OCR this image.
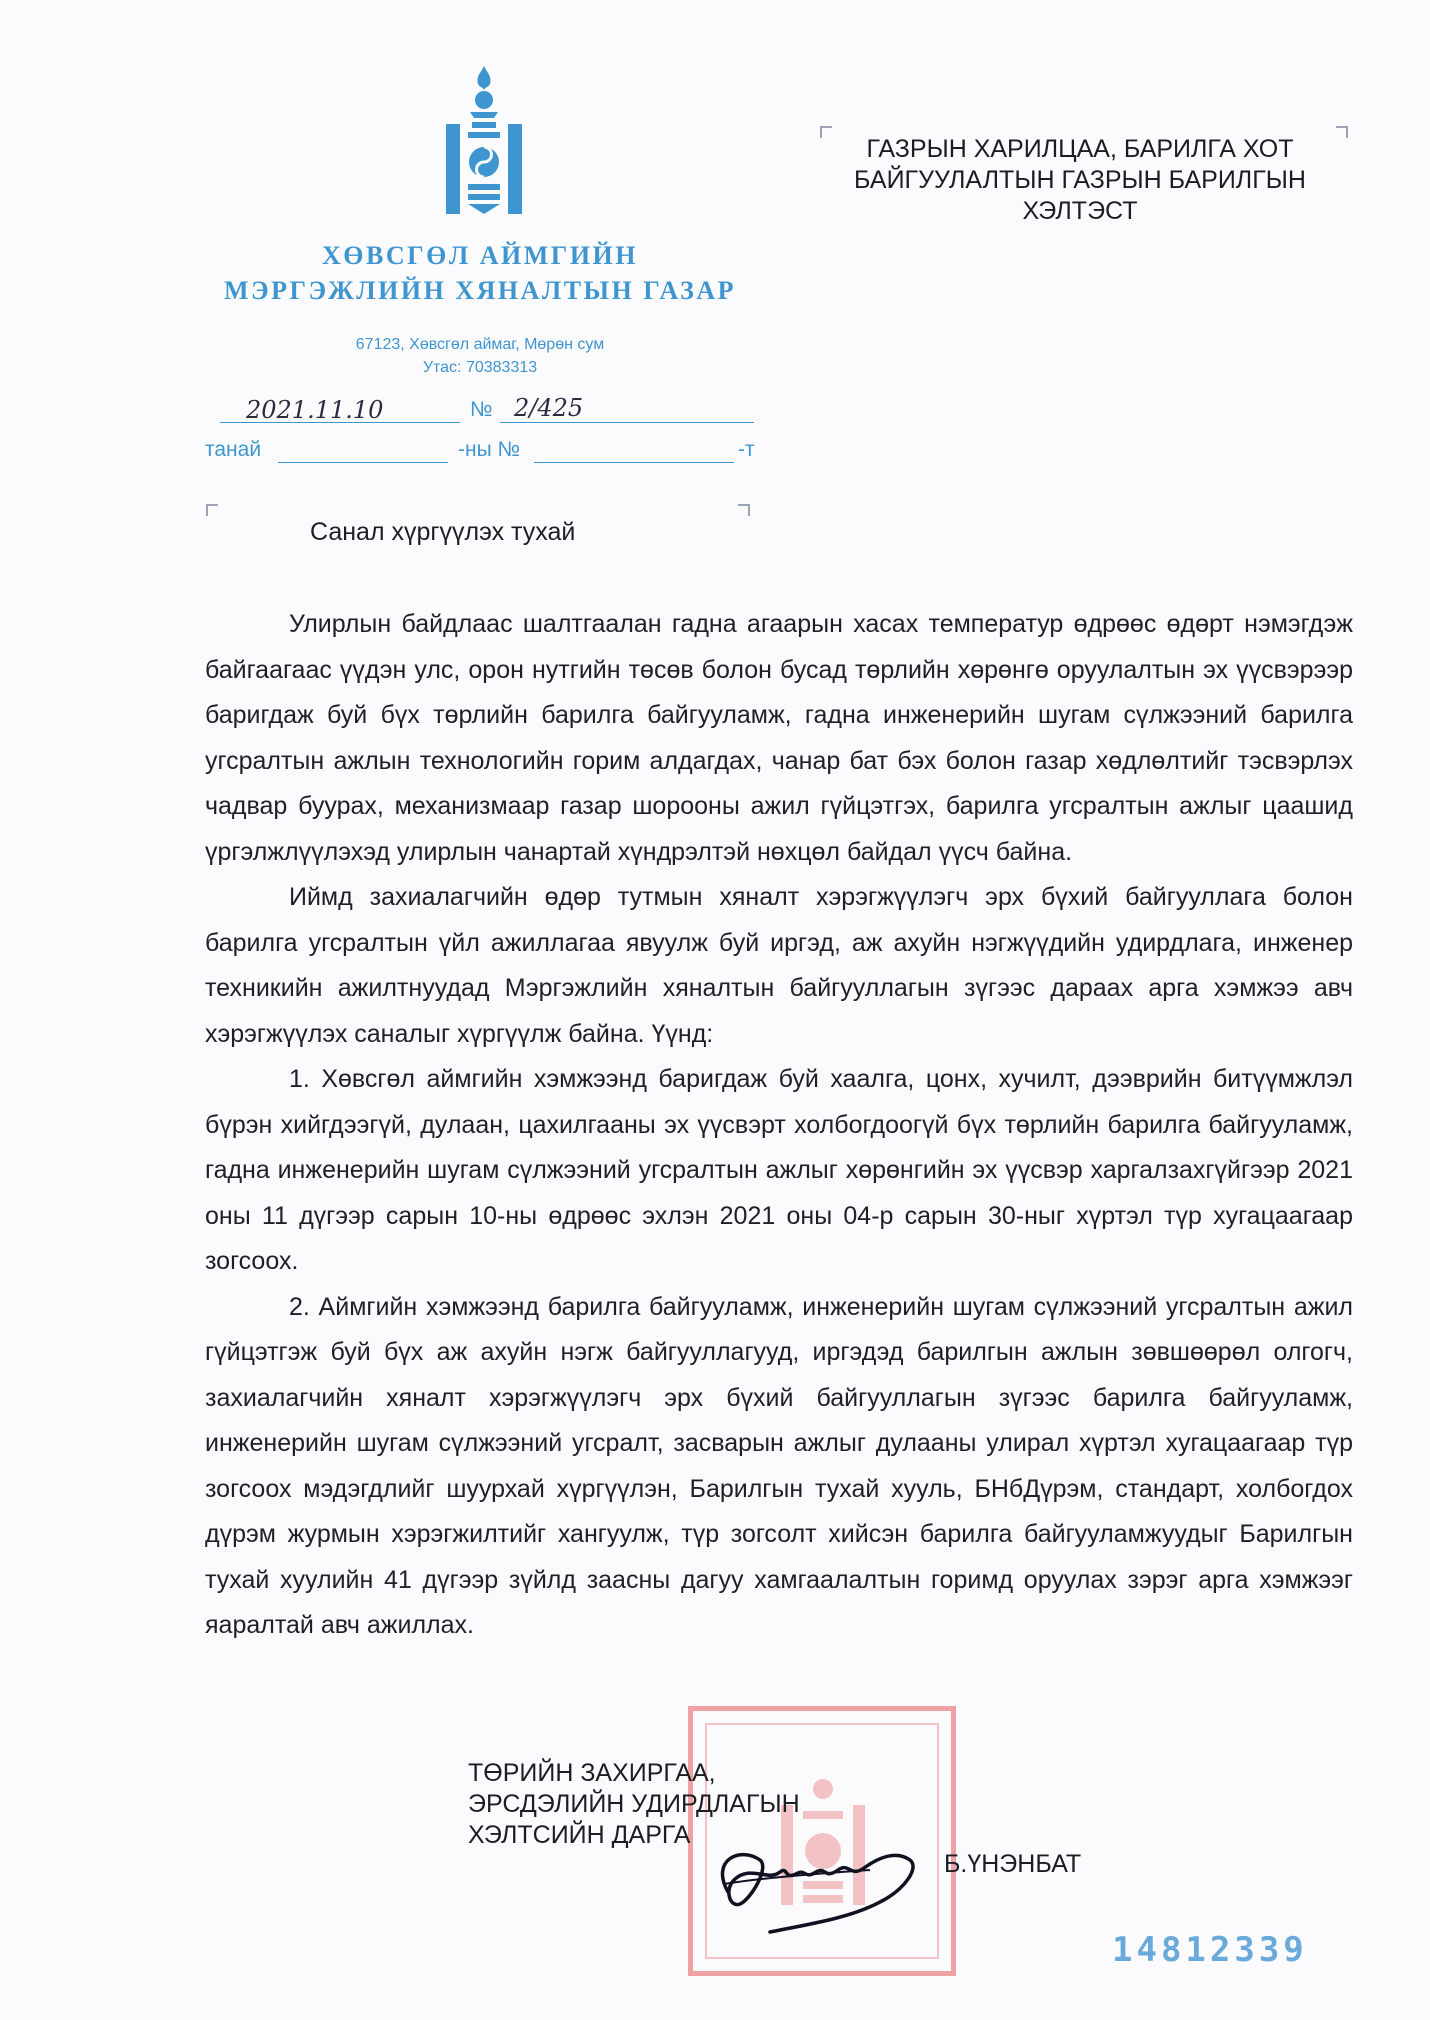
ХӨВСГӨЛ АЙМГИЙН
МЭРГЭЖЛИЙН ХЯНАЛТЫН ГАЗАР
67123, Хөвсгөл аймаг, Мөрөн сум
Утас: 70383313
2021.11.10	№ 2/425
танай	-ны №	-т
ГАЗРЫН ХАРИЛЦАА, БАРИЛГА ХОТ
БАЙГУУЛАЛТЫН ГАЗРЫН БАРИЛГЫН
ХЭЛТЭСТ
Санал хүргүүлэх тухай

Улирлын байдлаас шалтгаалан гадна агаарын хасах температур өдрөөс өдөрт нэмэгдэж байгаагаас үүдэн улс, орон нутгийн төсөв болон бусад төрлийн хөрөнгө оруулалтын эх үүсвэрээр баригдаж буй бүх төрлийн барилга байгууламж, гадна инженерийн шугам сүлжээний барилга угсралтын ажлын технологийн горим алдагдах, чанар бат бэх болон газар хөдлөлтийг тэсвэрлэх чадвар буурах, механизмаар газар шорооны ажил гүйцэтгэх, барилга угсралтын ажлыг цаашид үргэлжлүүлэхэд улирлын чанартай хүндрэлтэй нөхцөл байдал үүсч байна.

Иймд захиалагчийн өдөр тутмын хяналт хэрэгжүүлэгч эрх бүхий байгууллага болон барилга угсралтын үйл ажиллагаа явуулж буй иргэд, аж ахуйн нэгжүүдийн удирдлага, инженер техникийн ажилтнуудад Мэргэжлийн хяналтын байгууллагын зүгээс дараах арга хэмжээ авч хэрэгжүүлэх саналыг хүргүүлж байна. Үүнд:

1. Хөвсгөл аймгийн хэмжээнд баригдаж буй хаалга, цонх, хучилт, дээврийн битүүмжлэл бүрэн хийгдээгүй, дулаан, цахилгааны эх үүсвэрт холбогдоогүй бүх төрлийн барилга байгууламж, гадна инженерийн шугам сүлжээний угсралтын ажлыг хөрөнгийн эх үүсвэр харгалзахгүйгээр 2021 оны 11 дүгээр сарын 10-ны өдрөөс эхлэн 2021 оны 04-р сарын 30-ныг хүртэл түр хугацаагаар зогсоох.

2. Аймгийн хэмжээнд барилга байгууламж, инженерийн шугам сүлжээний угсралтын ажил гүйцэтгэж буй бүх аж ахуйн нэгж байгууллагууд, иргэдэд барилгын ажлын зөвшөөрөл олгогч, захиалагчийн хяналт хэрэгжүүлэгч эрх бүхий байгууллагын зүгээс барилга байгууламж, инженерийн шугам сүлжээний угсралт, засварын ажлыг дулааны улирал хүртэл хугацаагаар түр зогсоох мэдэгдлийг шуурхай хүргүүлэн, Барилгын тухай хууль, БНбДүрэм, стандарт, холбогдох дүрэм журмын хэрэгжилтийг хангуулж, түр зогсолт хийсэн барилга байгууламжуудыг Барилгын тухай хуулийн 41 дүгээр зүйлд заасны дагуу хамгаалалтын горимд оруулах зэрэг арга хэмжээг яаралтай авч ажиллах.

ТӨРИЙН ЗАХИРГАА,
ЭРСДЭЛИЙН УДИРДЛАГЫН
ХЭЛТСИЙН ДАРГА
Б.ҮНЭНБАТ
14812339
